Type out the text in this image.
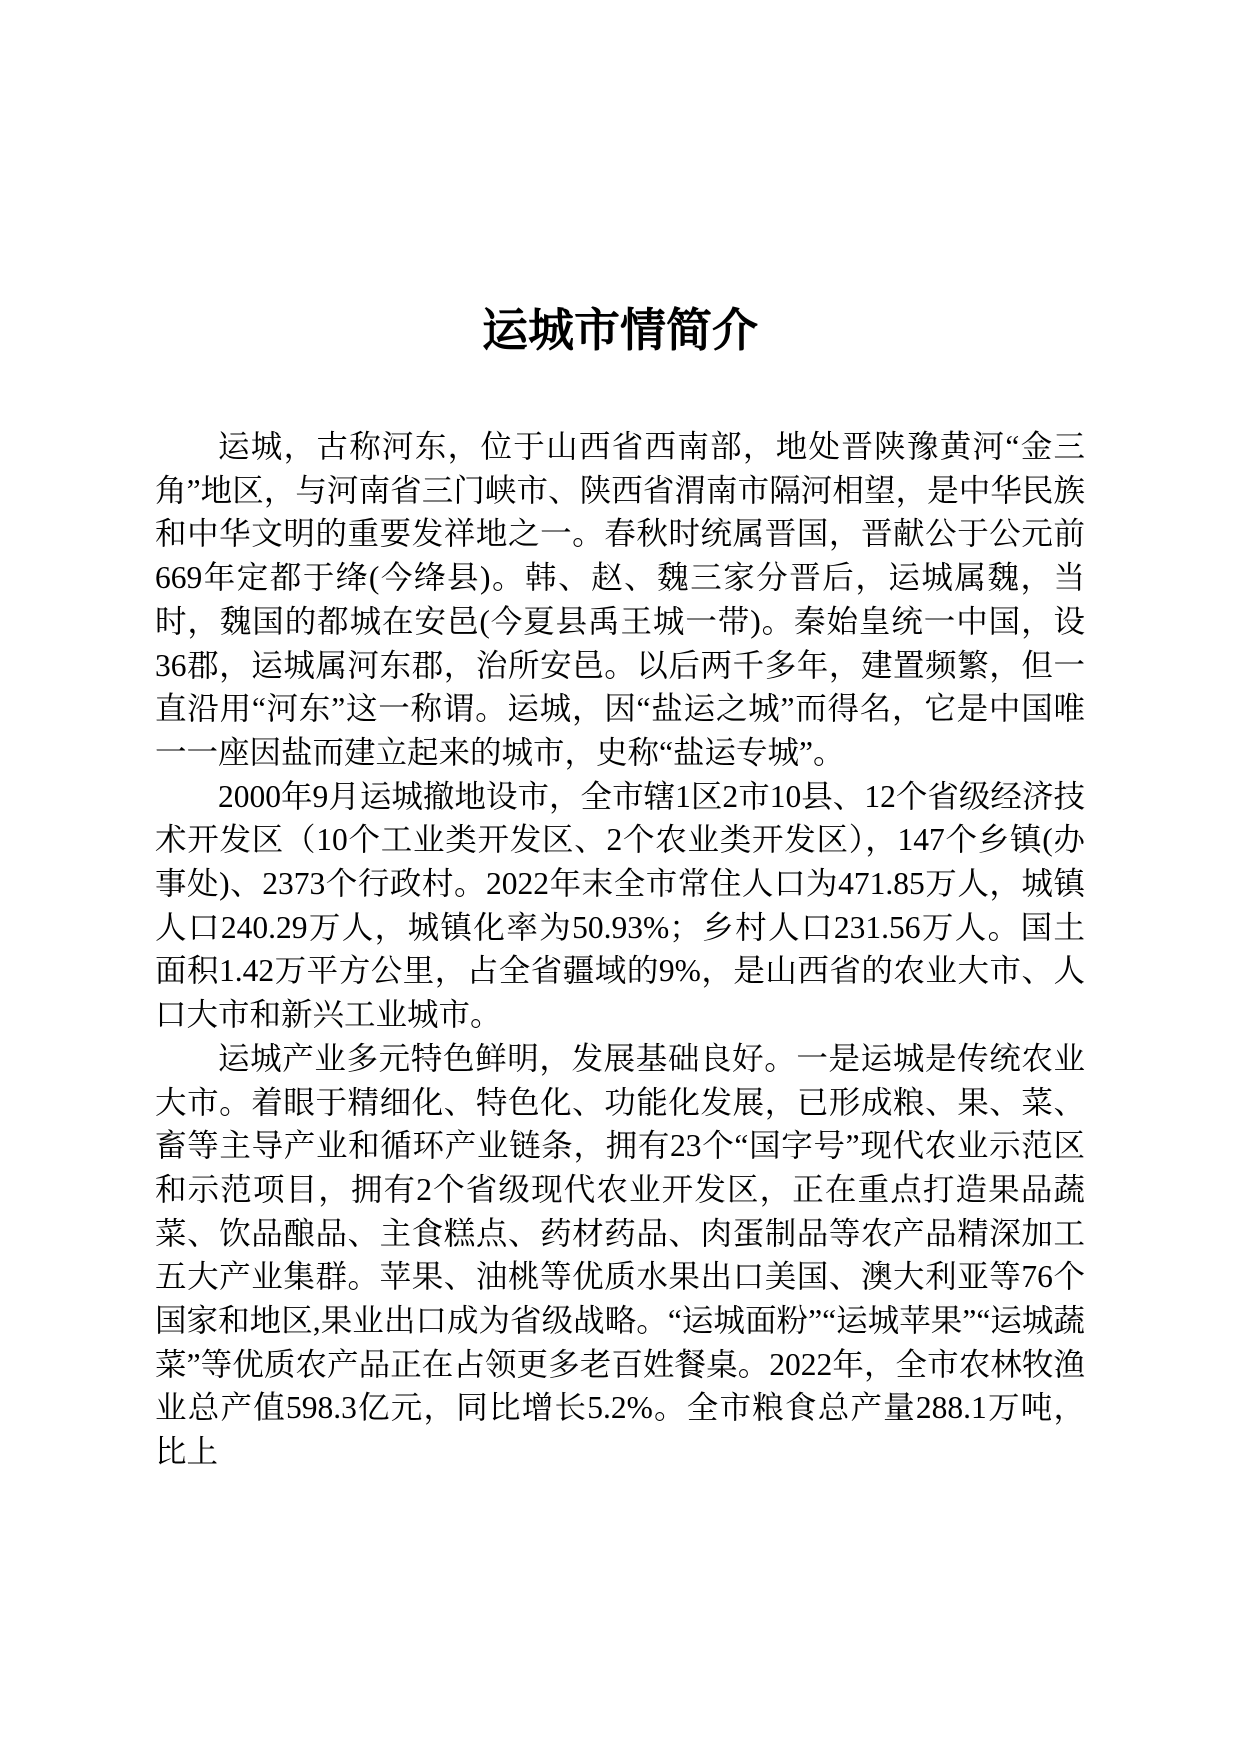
运城市情简介

运城，古称河东，位于山西省西南部，地处晋陕豫黄河“金三角”地区，与河南省三门峡市、陕西省渭南市隔河相望，是中华民族和中华文明的重要发祥地之一。春秋时统属晋国，晋献公于公元前669年定都于绛(今绛县)。韩、赵、魏三家分晋后，运城属魏，当时，魏国的都城在安邑(今夏县禹王城一带)。秦始皇统一中国，设36郡，运城属河东郡，治所安邑。以后两千多年，建置频繁，但一直沿用“河东”这一称谓。运城，因“盐运之城”而得名，它是中国唯一一座因盐而建立起来的城市，史称“盐运专城”。

2000年9月运城撤地设市，全市辖1区2市10县、12个省级经济技术开发区（10个工业类开发区、2个农业类开发区），147个乡镇(办事处)、2373个行政村。2022年末全市常住人口为471.85万人，城镇人口240.29万人，城镇化率为50.93%；乡村人口231.56万人。国土面积1.42万平方公里，占全省疆域的9%，是山西省的农业大市、人口大市和新兴工业城市。

运城产业多元特色鲜明，发展基础良好。一是运城是传统农业大市。着眼于精细化、特色化、功能化发展，已形成粮、果、菜、畜等主导产业和循环产业链条，拥有23个“国字号”现代农业示范区和示范项目，拥有2个省级现代农业开发区，正在重点打造果品蔬菜、饮品酿品、主食糕点、药材药品、肉蛋制品等农产品精深加工五大产业集群。苹果、油桃等优质水果出口美国、澳大利亚等76个国家和地区,果业出口成为省级战略。“运城面粉”“运城苹果”“运城蔬菜”等优质农产品正在占领更多老百姓餐桌。2022年，全市农林牧渔业总产值598.3亿元，同比增长5.2%。全市粮食总产量288.1万吨，比上
